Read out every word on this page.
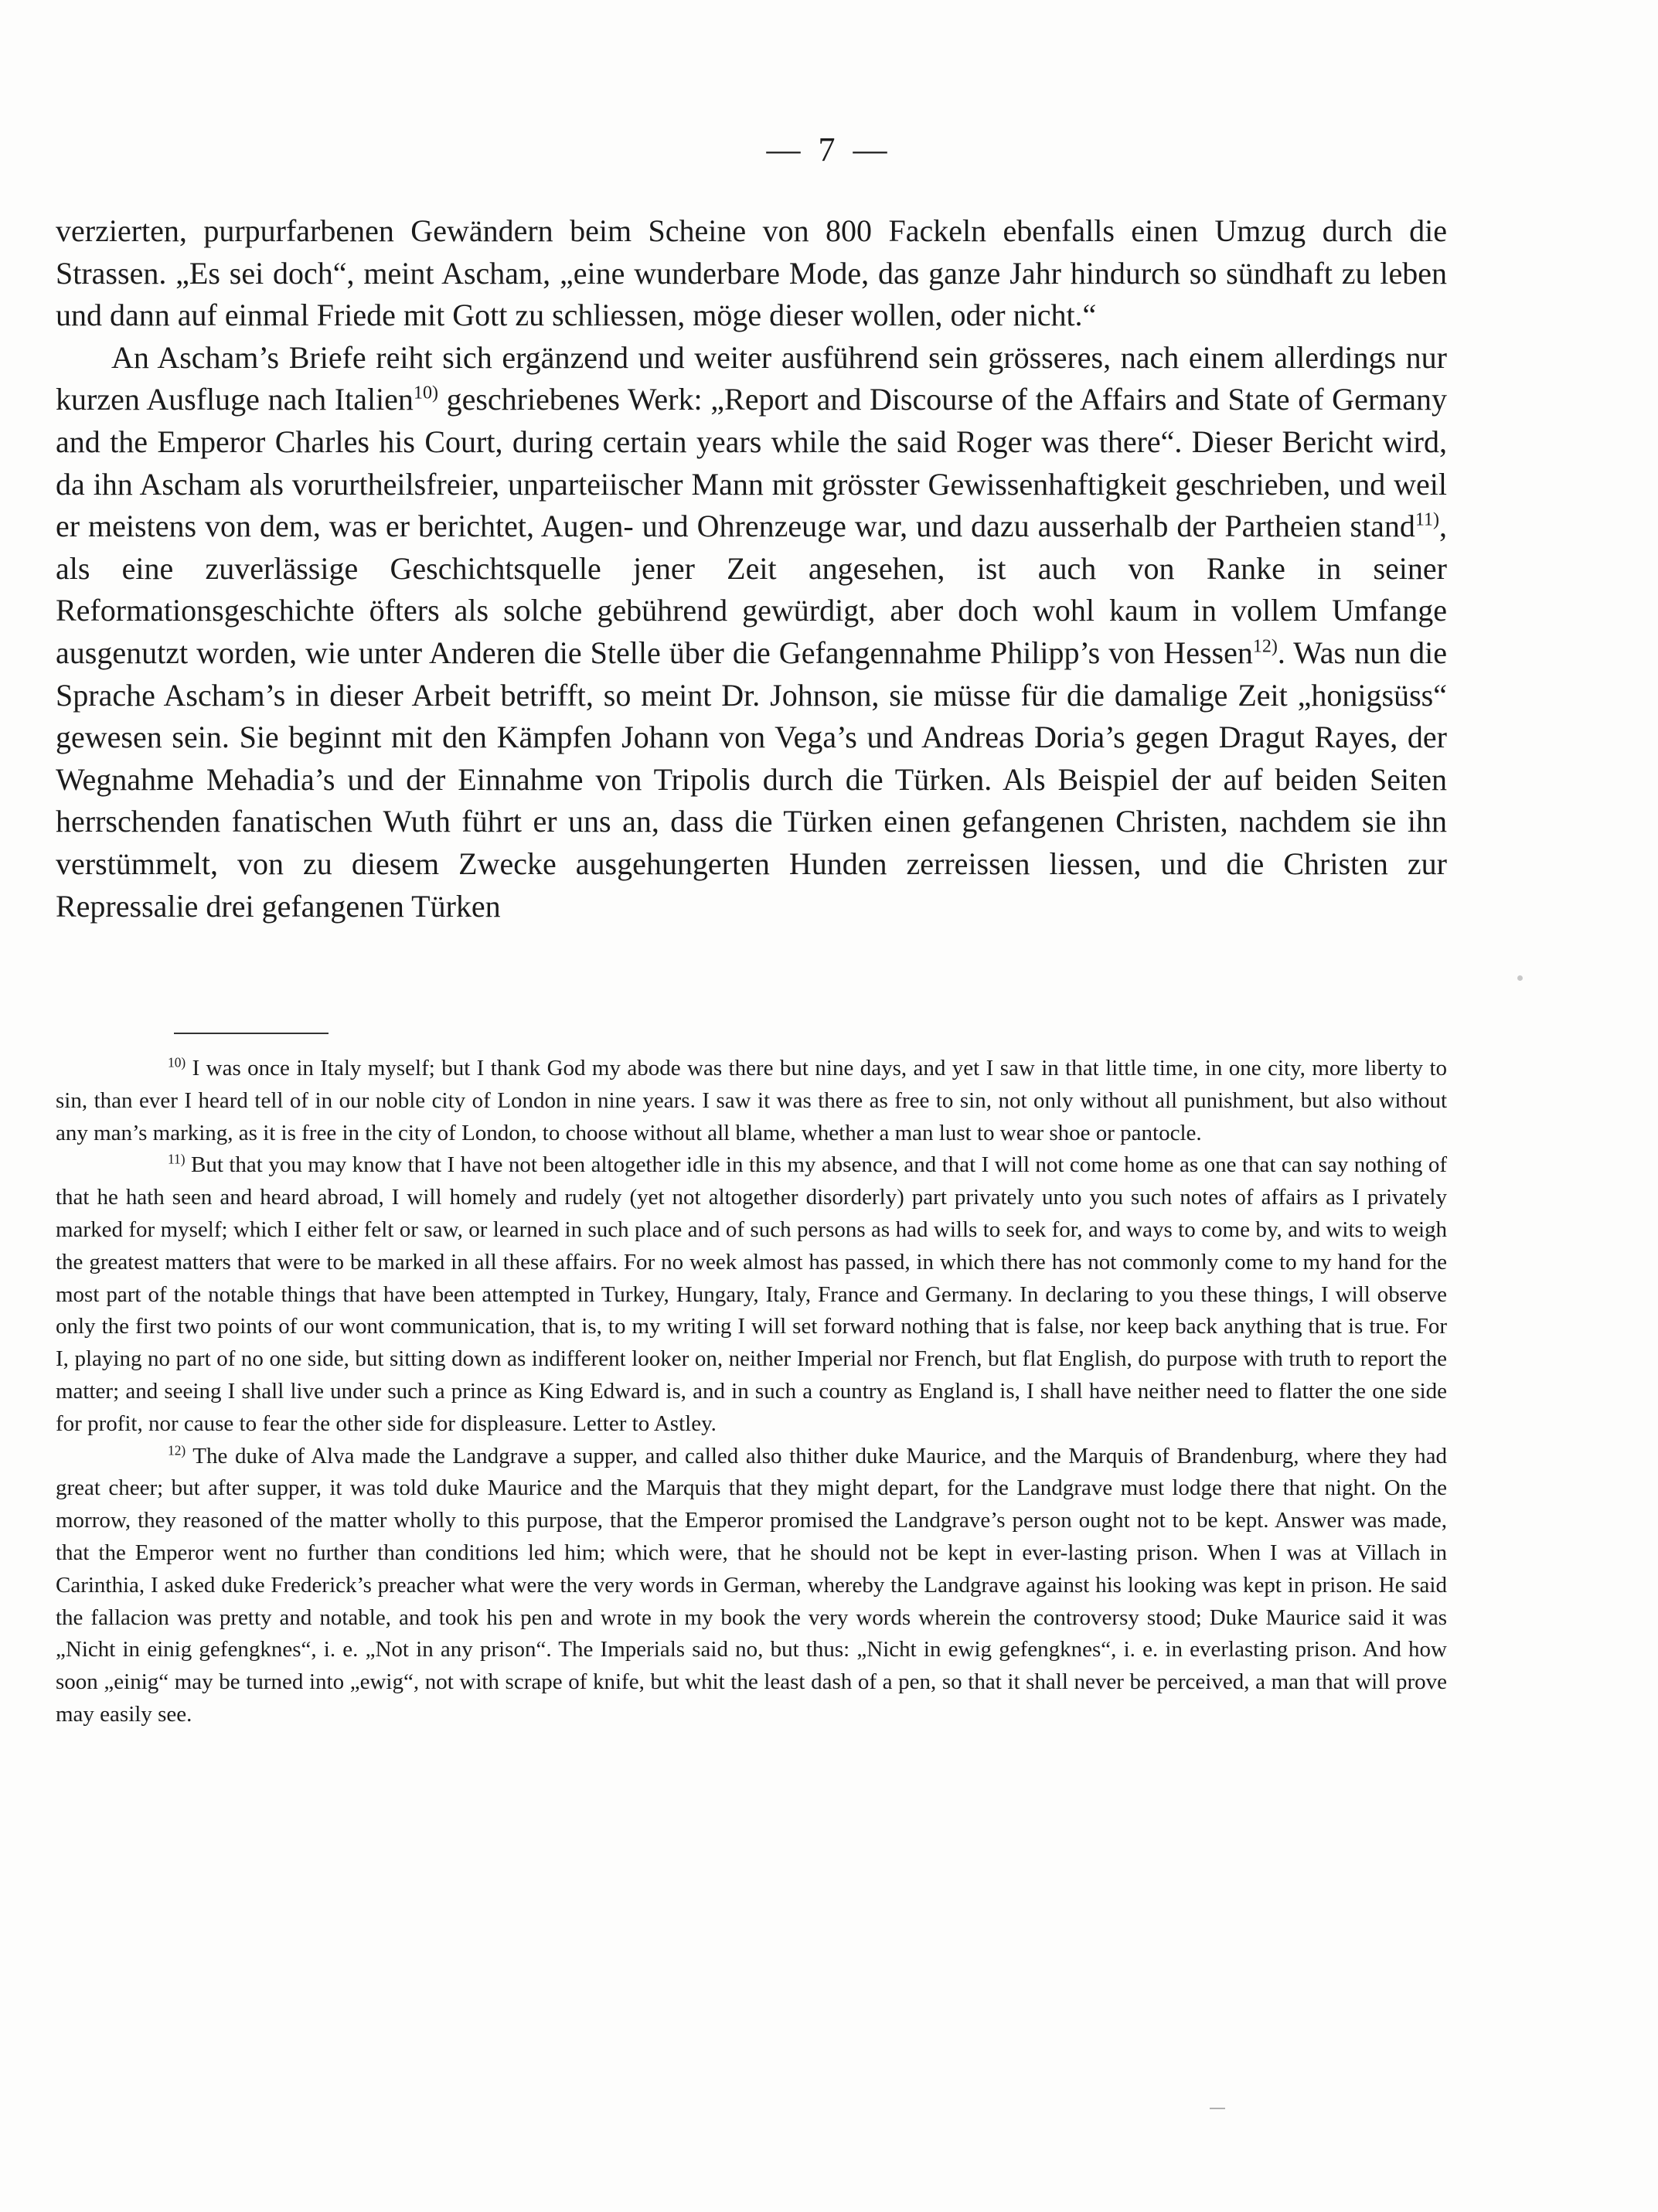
— 7 —

verzierten, purpurfarbenen Gewändern beim Scheine von 800 Fackeln ebenfalls einen Umzug durch die Strassen. „Es sei doch“, meint Ascham, „eine wunderbare Mode, das ganze Jahr hindurch so sündhaft zu leben und dann auf einmal Friede mit Gott zu schliessen, möge dieser wollen, oder nicht.“

An Ascham’s Briefe reiht sich ergänzend und weiter ausführend sein grösseres, nach einem allerdings nur kurzen Ausfluge nach Italien$^{10)}$ geschriebenes Werk: „Report and Discourse of the Affairs and State of Germany and the Emperor Charles his Court, during certain years while the said Roger was there“. Dieser Bericht wird, da ihn Ascham als vorurtheilsfreier, unparteiischer Mann mit grösster Gewissenhaftigkeit geschrieben, und weil er meistens von dem, was er berichtet, Augen- und Ohrenzeuge war, und dazu ausserhalb der Partheien stand$^{11)}$, als eine zuverlässige Geschichtsquelle jener Zeit angesehen, ist auch von Ranke in seiner Reformationsgeschichte öfters als solche gebührend gewürdigt, aber doch wohl kaum in vollem Umfange ausgenutzt worden, wie unter Anderen die Stelle über die Gefangennahme Philipp’s von Hessen$^{12)}$. Was nun die Sprache Ascham’s in dieser Arbeit betrifft, so meint Dr. Johnson, sie müsse für die damalige Zeit „honigsüss“ gewesen sein. Sie beginnt mit den Kämpfen Johann von Vega’s und Andreas Doria’s gegen Dragut Rayes, der Wegnahme Mehadia’s und der Einnahme von Tripolis durch die Türken. Als Beispiel der auf beiden Seiten herrschenden fanatischen Wuth führt er uns an, dass die Türken einen gefangenen Christen, nachdem sie ihn verstümmelt, von zu diesem Zwecke ausgehungerten Hunden zerreissen liessen, und die Christen zur Repressalie drei gefangenen Türken

$^{10)}$ I was once in Italy myself; but I thank God my abode was there but nine days, and yet I saw in that little time, in one city, more liberty to sin, than ever I heard tell of in our noble city of London in nine years. I saw it was there as free to sin, not only without all punishment, but also without any man’s marking, as it is free in the city of London, to choose without all blame, whether a man lust to wear shoe or pantocle.

$^{11)}$ But that you may know that I have not been altogether idle in this my absence, and that I will not come home as one that can say nothing of that he hath seen and heard abroad, I will homely and rudely (yet not altogether disorderly) part privately unto you such notes of affairs as I privately marked for myself; which I either felt or saw, or learned in such place and of such persons as had wills to seek for, and ways to come by, and wits to weigh the greatest matters that were to be marked in all these affairs. For no week almost has passed, in which there has not commonly come to my hand for the most part of the notable things that have been attempted in Turkey, Hungary, Italy, France and Germany. In declaring to you these things, I will observe only the first two points of our wont communication, that is, to my writing I will set forward nothing that is false, nor keep back anything that is true. For I, playing no part of no one side, but sitting down as indifferent looker on, neither Imperial nor French, but flat English, do purpose with truth to report the matter; and seeing I shall live under such a prince as King Edward is, and in such a country as England is, I shall have neither need to flatter the one side for profit, nor cause to fear the other side for displeasure. Letter to Astley.

$^{12)}$ The duke of Alva made the Landgrave a supper, and called also thither duke Maurice, and the Marquis of Brandenburg, where they had great cheer; but after supper, it was told duke Maurice and the Marquis that they might depart, for the Landgrave must lodge there that night. On the morrow, they reasoned of the matter wholly to this purpose, that the Emperor promised the Landgrave’s person ought not to be kept. Answer was made, that the Emperor went no further than conditions led him; which were, that he should not be kept in ever-lasting prison. When I was at Villach in Carinthia, I asked duke Frederick’s preacher what were the very words in German, whereby the Landgrave against his looking was kept in prison. He said the fallacion was pretty and notable, and took his pen and wrote in my book the very words wherein the controversy stood; Duke Maurice said it was „Nicht in einig gefengknes“, i. e. „Not in any prison“. The Imperials said no, but thus: „Nicht in ewig gefengknes“, i. e. in everlasting prison. And how soon „einig“ may be turned into „ewig“, not with scrape of knife, but whit the least dash of a pen, so that it shall never be perceived, a man that will prove may easily see.
